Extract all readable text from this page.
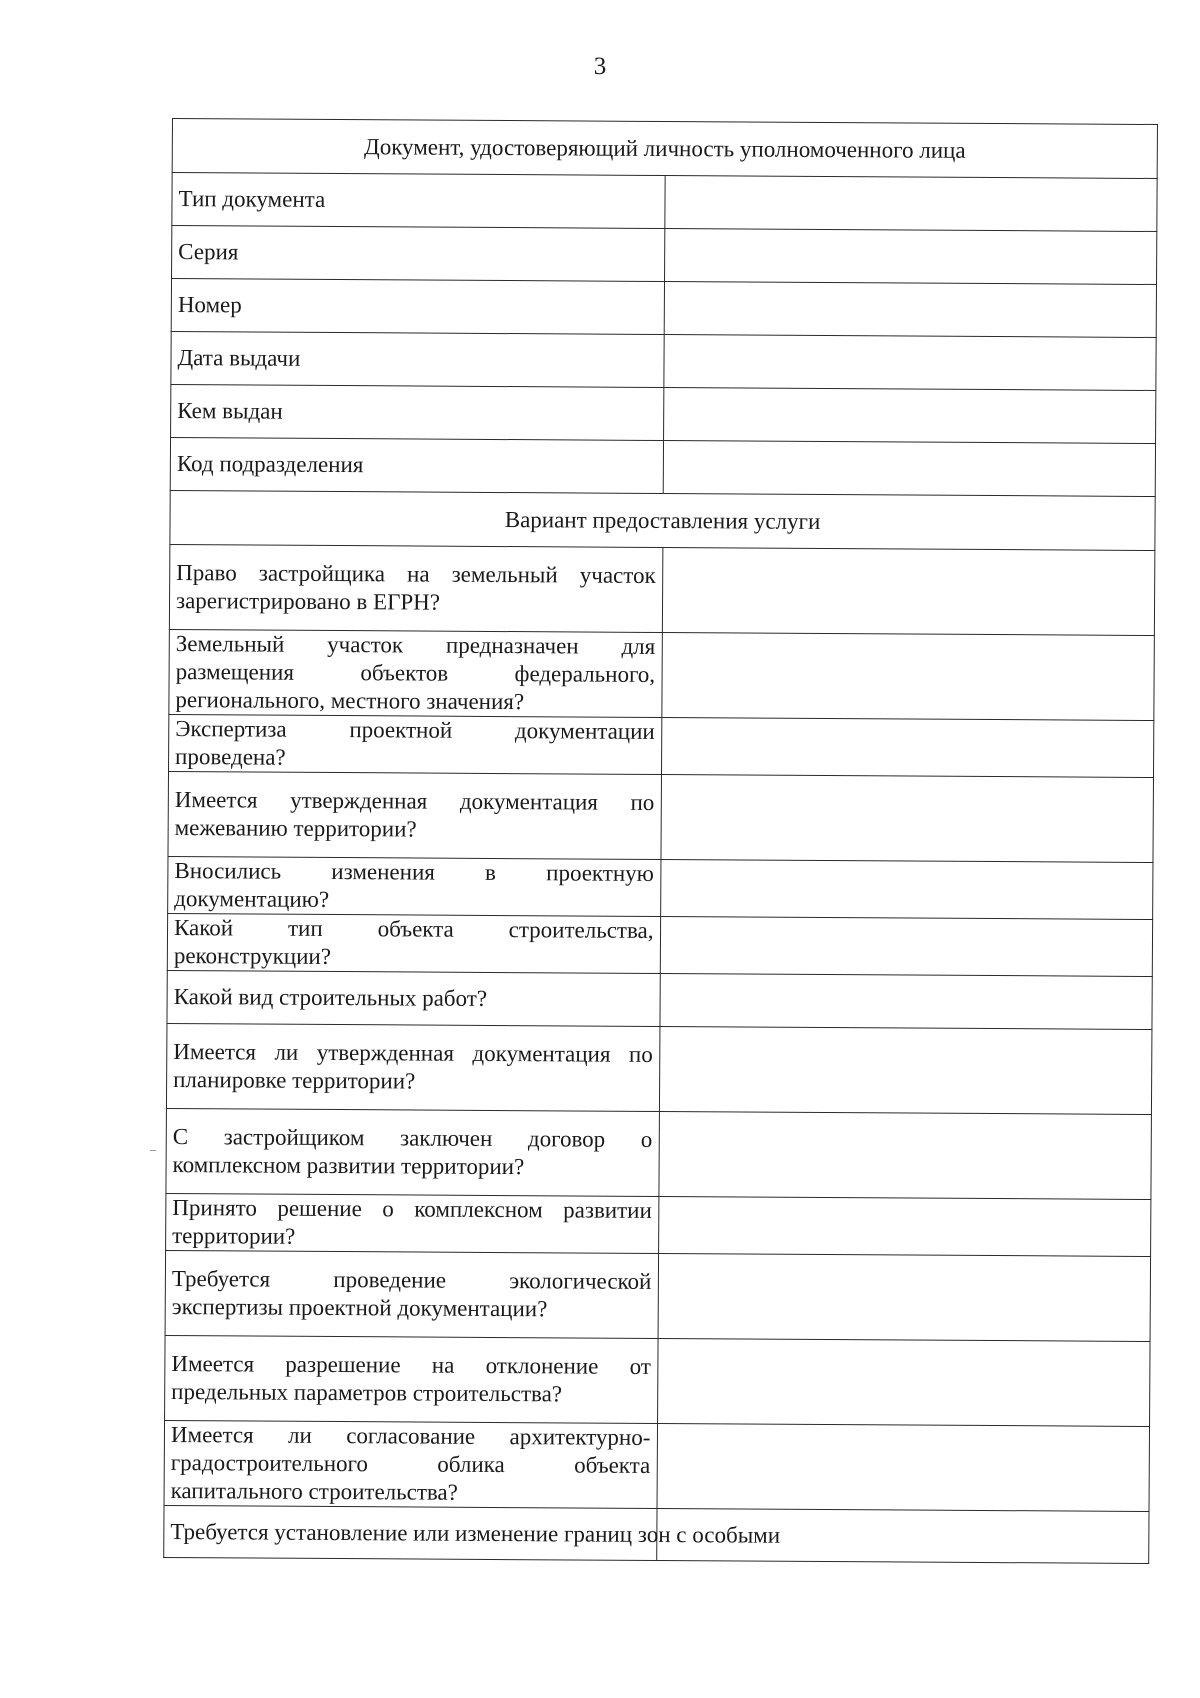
3
Документ, удостоверяющий личность уполномоченного лица	
Тип документа	
Серия	
Номер	
Дата выдачи	
Кем выдан	
Код подразделения	
Вариант предоставления услуги	
Право застройщика на земельный участок зарегистрировано в ЕГРН?	
Земельный участок предназначен для размещения объектов федерального, регионального, местного значения?	
Экспертиза проектной документации проведена?	
Имеется утвержденная документация по межеванию территории?	
Вносились изменения в проектную документацию?	
Какой тип объекта строительства, реконструкции?	
Какой вид строительных работ?	
Имеется ли утвержденная документация по планировке территории?	
С застройщиком заключен договор о комплексном развитии территории?	
Принято решение о комплексном развитии территории?	
Требуется проведение экологической экспертизы проектной документации?	
Имеется разрешение на отклонение от предельных параметров строительства?	
Имеется ли согласование архитектурно-градостроительного облика объекта капитального строительства?	
Требуется установление или изменение границ зон с особыми	
